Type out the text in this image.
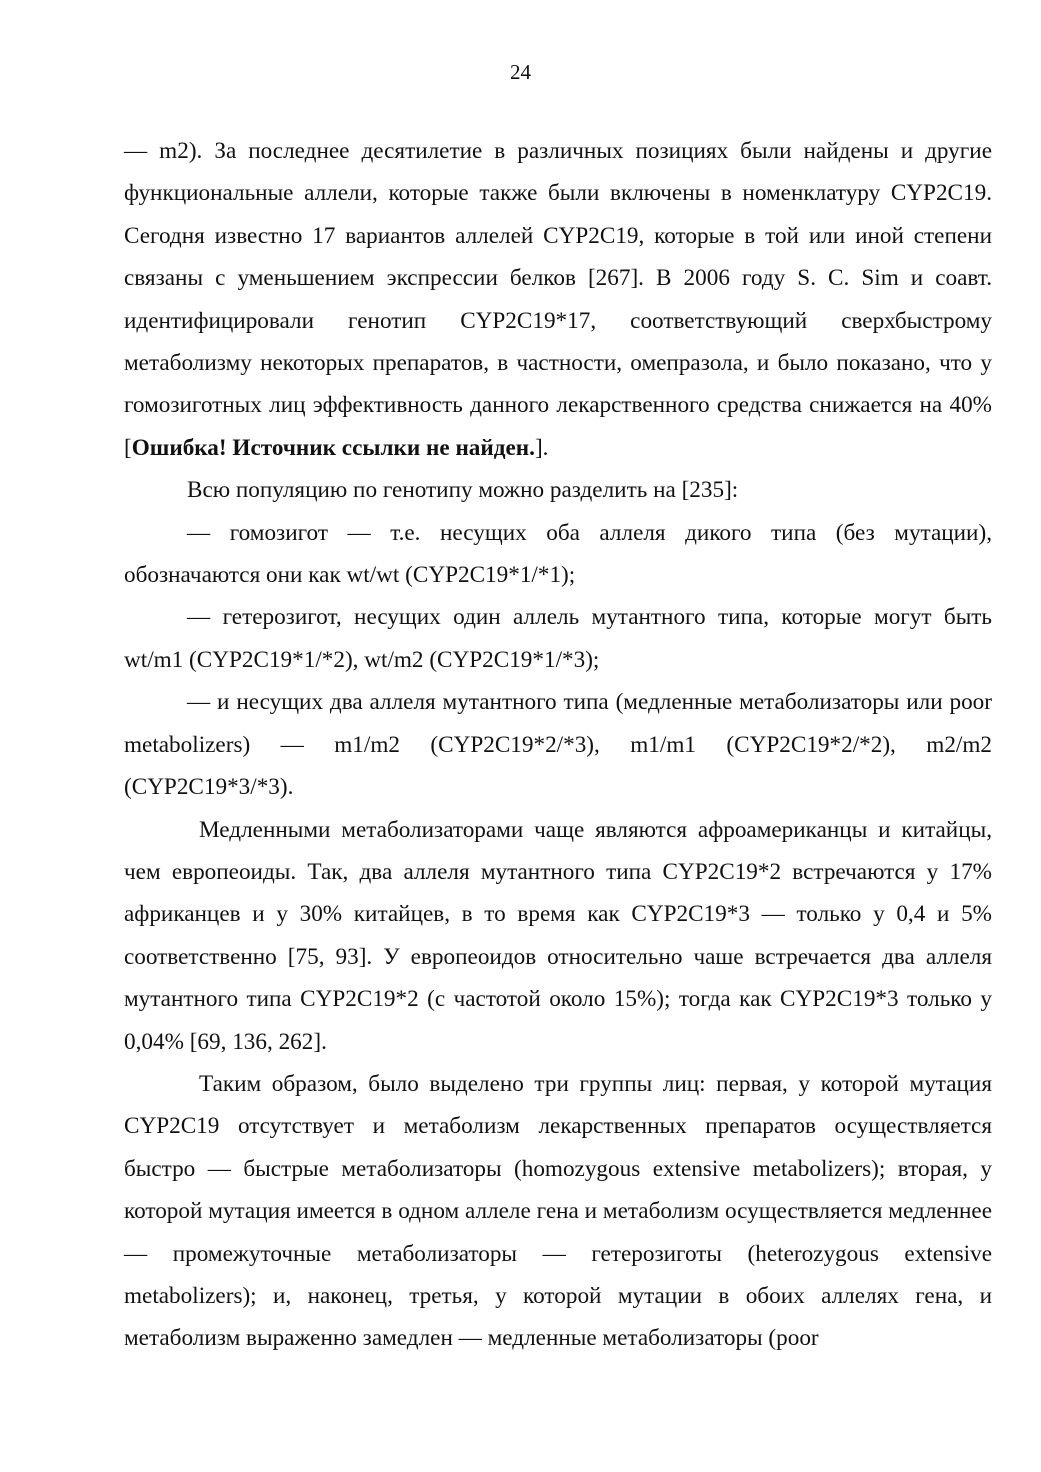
24

— m2). За последнее десятилетие в различных позициях были найдены и другие функциональные аллели, которые также были включены в номенклатуру CYP2C19. Сегодня известно 17 вариантов аллелей CYP2C19, которые в той или иной степени связаны с уменьшением экспрессии белков [267]. В 2006 году S. C. Sim и соавт. идентифицировали генотип CYP2C19*17, соответствующий сверхбыстрому метаболизму некоторых препаратов, в частности, омепразола, и было показано, что у гомозиготных лиц эффективность данного лекарственного средства снижается на 40% [Ошибка! Источник ссылки не найден.].

Всю популяцию по генотипу можно разделить на [235]:

— гомозигот — т.е. несущих оба аллеля дикого типа (без мутации), обозначаются они как wt/wt (CYP2C19*1/*1);

— гетерозигот, несущих один аллель мутантного типа, которые могут быть wt/m1 (CYP2C19*1/*2), wt/m2 (CYP2C19*1/*3);

— и несущих два аллеля мутантного типа (медленные метаболизаторы или poor metabolizers) — m1/m2 (CYP2C19*2/*3), m1/m1 (CYP2C19*2/*2), m2/m2 (CYP2C19*3/*3).

Медленными метаболизаторами чаще являются афроамериканцы и китайцы, чем европеоиды. Так, два аллеля мутантного типа CYP2C19*2 встречаются у 17% африканцев и у 30% китайцев, в то время как CYP2C19*3 — только у 0,4 и 5% соответственно [75, 93]. У европеоидов относительно чаше встречается два аллеля мутантного типа CYP2C19*2 (с частотой около 15%); тогда как CYP2C19*3 только у 0,04% [69, 136, 262].

Таким образом, было выделено три группы лиц: первая, у которой мутация CYP2C19 отсутствует и метаболизм лекарственных препаратов осуществляется быстро — быстрые метаболизаторы (homozygous extensive metabolizers); вторая, у которой мутация имеется в одном аллеле гена и метаболизм осуществляется медленнее — промежуточные метаболизаторы — гетерозиготы (heterozygous extensive metabolizers); и, наконец, третья, у которой мутации в обоих аллелях гена, и метаболизм выраженно замедлен — медленные метаболизаторы (poor
